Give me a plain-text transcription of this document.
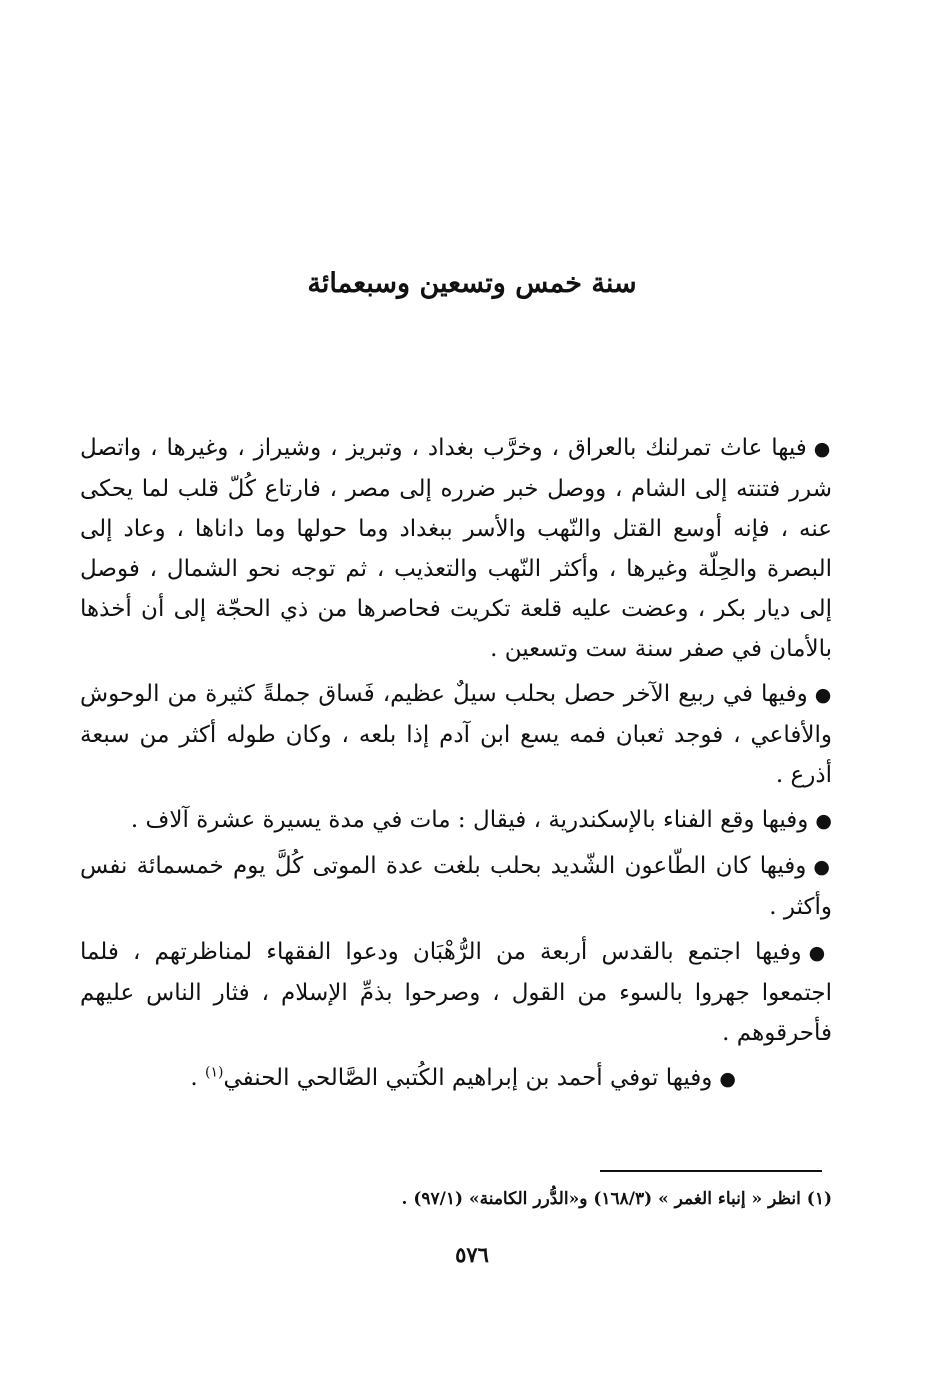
سنة خمس وتسعين وسبعمائة

●فيها عاث تمرلنك بالعراق ، وخرَّب بغداد ، وتبريز ، وشيراز ، وغيرها ، واتصل شرر فتنته إلى الشام ، ووصل خبر ضرره إلى مصر ، فارتاع كُلّ قلب لما يحكى عنه ، فإنه أوسع القتل والنّهب والأسر ببغداد وما حولها وما داناها ، وعاد إلى البصرة والحِلّة وغيرها ، وأكثر النّهب والتعذيب ، ثم توجه نحو الشمال ، فوصل إلى ديار بكر ، وعضت عليه قلعة تكريت فحاصرها من ذي الحجّة إلى أن أخذها بالأمان في صفر سنة ست وتسعين .

●وفيها في ربيع الآخر حصل بحلب سيلٌ عظيم، فَساق جملةً كثيرة من الوحوش والأفاعي ، فوجد ثعبان فمه يسع ابن آدم إذا بلعه ، وكان طوله أكثر من سبعة أذرع .

●وفيها وقع الفناء بالإسكندرية ، فيقال : مات في مدة يسيرة عشرة آلاف .

●وفيها كان الطّاعون الشّديد بحلب بلغت عدة الموتى كُلَّ يوم خمسمائة نفس وأكثر .

●وفيها اجتمع بالقدس أربعة من الرُّهْبَان ودعوا الفقهاء لمناظرتهم ، فلما اجتمعوا جهروا بالسوء من القول ، وصرحوا بذمِّ الإسلام ، فثار الناس عليهم فأحرقوهم .

●وفيها توفي أحمد بن إبراهيم الكُتبي الصَّالحي الحنفي$^{(١)}$ .

(١) انظر « إنباء الغمر » (١٦٨/٣) و«الدُّرر الكامنة» (٩٧/١) .
٥٧٦
